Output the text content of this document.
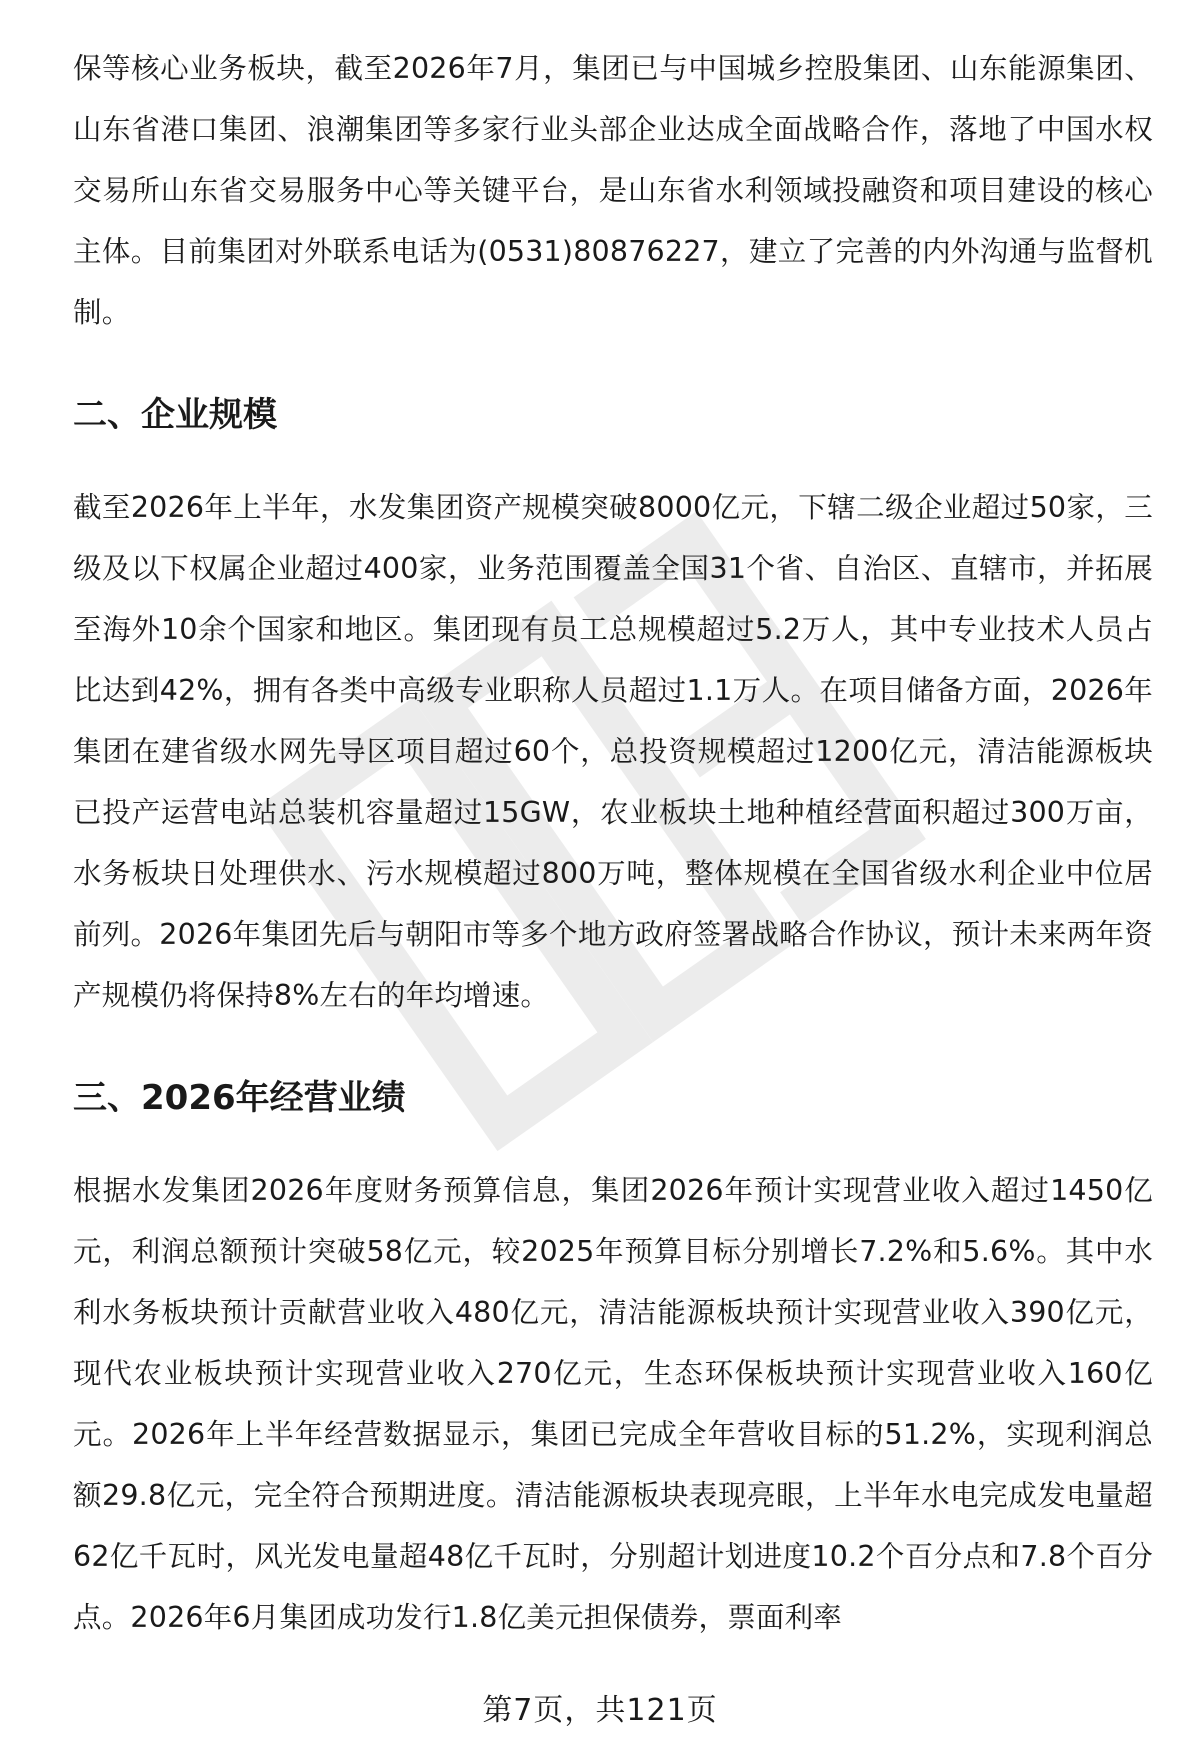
保等核心业务板块，截至2026年7月，集团已与中国城乡控股集团、山东能源集团、山东省港口集团、浪潮集团等多家行业头部企业达成全面战略合作，落地了中国水权交易所山东省交易服务中心等关键平台，是山东省水利领域投融资和项目建设的核心主体。目前集团对外联系电话为(0531)80876227，建立了完善的内外沟通与监督机制。

二、企业规模

截至2026年上半年，水发集团资产规模突破8000亿元，下辖二级企业超过50家，三级及以下权属企业超过400家，业务范围覆盖全国31个省、自治区、直辖市，并拓展至海外10余个国家和地区。集团现有员工总规模超过5.2万人，其中专业技术人员占比达到42%，拥有各类中高级专业职称人员超过1.1万人。在项目储备方面，2026年集团在建省级水网先导区项目超过60个，总投资规模超过1200亿元，清洁能源板块已投产运营电站总装机容量超过15GW，农业板块土地种植经营面积超过300万亩，水务板块日处理供水、污水规模超过800万吨，整体规模在全国省级水利企业中位居前列。2026年集团先后与朝阳市等多个地方政府签署战略合作协议，预计未来两年资产规模仍将保持8%左右的年均增速。

三、2026年经营业绩

根据水发集团2026年度财务预算信息，集团2026年预计实现营业收入超过1450亿元，利润总额预计突破58亿元，较2025年预算目标分别增长7.2%和5.6%。其中水利水务板块预计贡献营业收入480亿元，清洁能源板块预计实现营业收入390亿元，现代农业板块预计实现营业收入270亿元，生态环保板块预计实现营业收入160亿元。2026年上半年经营数据显示，集团已完成全年营收目标的51.2%，实现利润总额29.8亿元，完全符合预期进度。清洁能源板块表现亮眼，上半年水电完成发电量超62亿千瓦时，风光发电量超48亿千瓦时，分别超计划进度10.2个百分点和7.8个百分点。2026年6月集团成功发行1.8亿美元担保债券，票面利率

第7页，共121页
